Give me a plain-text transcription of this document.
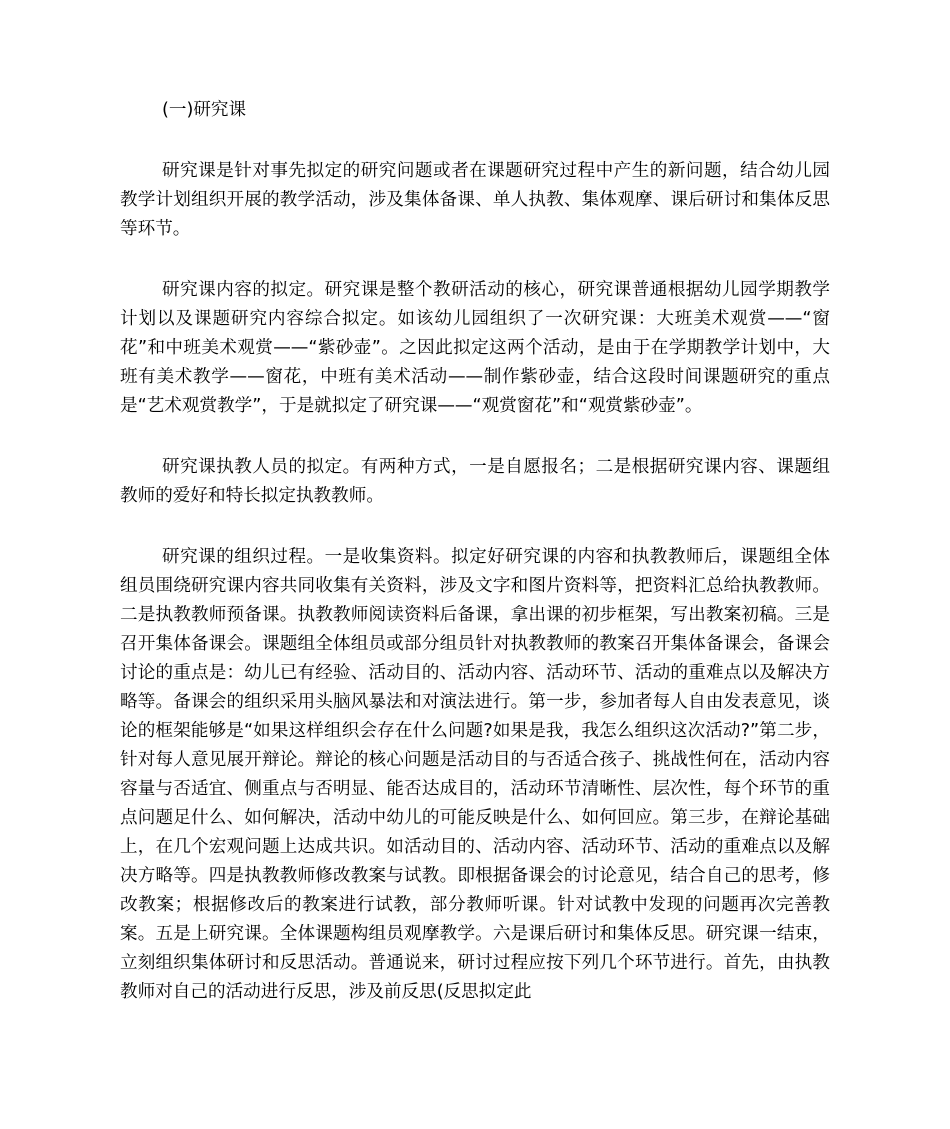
(一)研究课

研究课是针对事先拟定的研究问题或者在课题研究过程中产生的新问题，结合幼儿园教学计划组织开展的教学活动，涉及集体备课、单人执教、集体观摩、课后研讨和集体反思等环节。

研究课内容的拟定。研究课是整个教研活动的核心，研究课普通根据幼儿园学期教学计划以及课题研究内容综合拟定。如该幼儿园组织了一次研究课：大班美术观赏——“窗花”和中班美术观赏——“紫砂壶”。之因此拟定这两个活动，是由于在学期教学计划中，大班有美术教学——窗花，中班有美术活动——制作紫砂壶，结合这段时间课题研究的重点是“艺术观赏教学”，于是就拟定了研究课——“观赏窗花”和“观赏紫砂壶”。

研究课执教人员的拟定。有两种方式，一是自愿报名；二是根据研究课内容、课题组教师的爱好和特长拟定执教教师。

研究课的组织过程。一是收集资料。拟定好研究课的内容和执教教师后，课题组全体组员围绕研究课内容共同收集有关资料，涉及文字和图片资料等，把资料汇总给执教教师。二是执教教师预备课。执教教师阅读资料后备课，拿出课的初步框架，写出教案初稿。三是召开集体备课会。课题组全体组员或部分组员针对执教教师的教案召开集体备课会，备课会讨论的重点是：幼儿已有经验、活动目的、活动内容、活动环节、活动的重难点以及解决方略等。备课会的组织采用头脑风暴法和对演法进行。第一步，参加者每人自由发表意见，谈论的框架能够是“如果这样组织会存在什么问题?如果是我，我怎么组织这次活动?”第二步，针对每人意见展开辩论。辩论的核心问题是活动目的与否适合孩子、挑战性何在，活动内容容量与否适宜、侧重点与否明显、能否达成目的，活动环节清晰性、层次性，每个环节的重点问题足什么、如何解决，活动中幼儿的可能反映是什么、如何回应。第三步，在辩论基础上，在几个宏观问题上达成共识。如活动目的、活动内容、活动环节、活动的重难点以及解决方略等。四是执教教师修改教案与试教。即根据备课会的讨论意见，结合自己的思考，修改教案；根据修改后的教案进行试教，部分教师听课。针对试教中发现的问题再次完善教案。五是上研究课。全体课题构组员观摩教学。六是课后研讨和集体反思。研究课一结束，立刻组织集体研讨和反思活动。普通说来，研讨过程应按下列几个环节进行。首先，由执教教师对自己的活动进行反思，涉及前反思(反思拟定此
